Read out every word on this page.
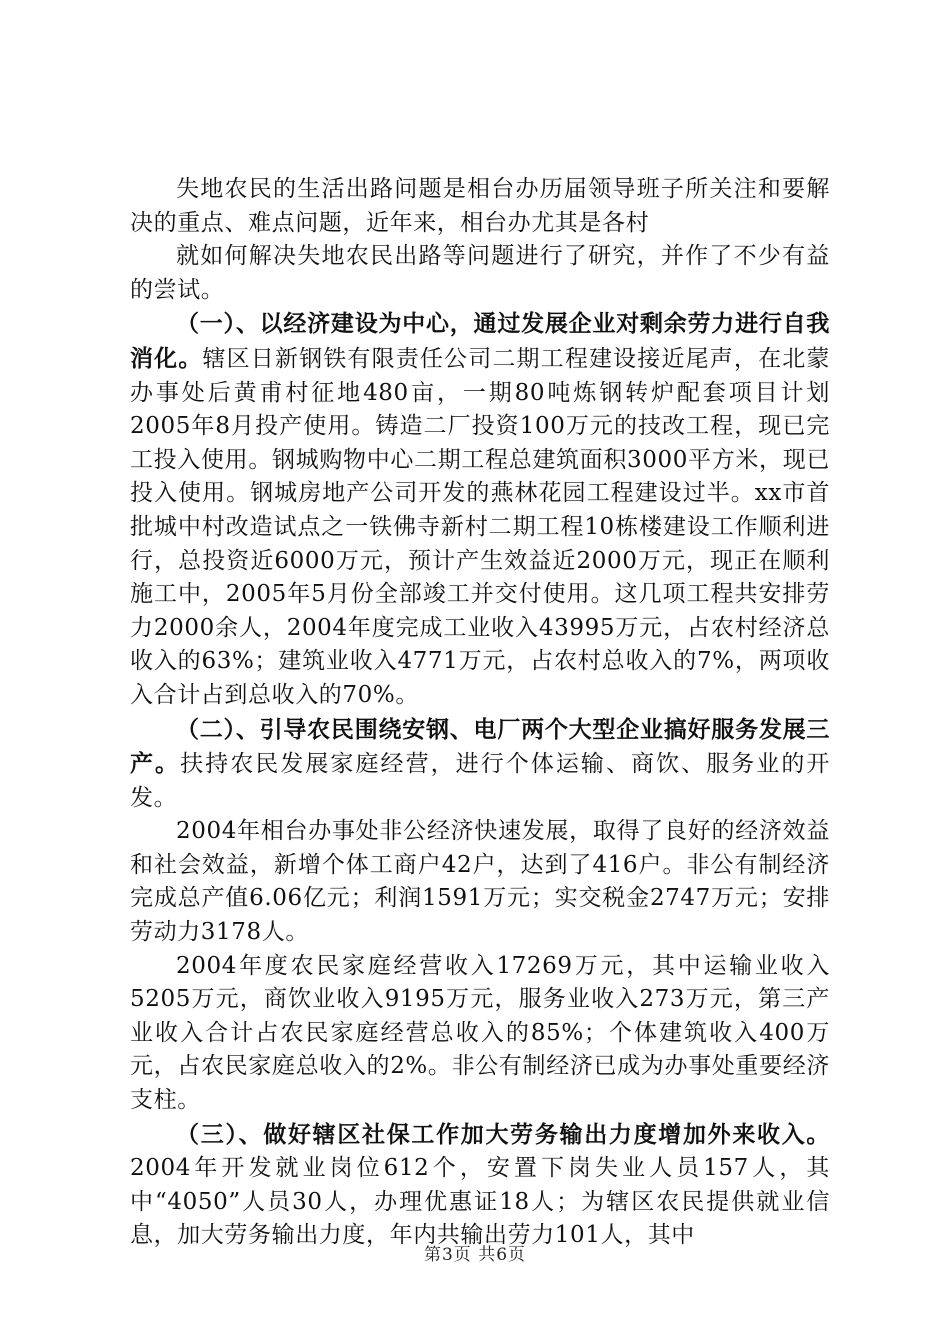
失地农民的生活出路问题是相台办历届领导班子所关注和要解决的重点、难点问题，近年来，相台办尤其是各村

就如何解决失地农民出路等问题进行了研究，并作了不少有益的尝试。

（一）、以经济建设为中心，通过发展企业对剩余劳力进行自我消化。辖区日新钢铁有限责任公司二期工程建设接近尾声，在北蒙办事处后黄甫村征地480亩，一期80吨炼钢转炉配套项目计划2005年8月投产使用。铸造二厂投资100万元的技改工程，现已完工投入使用。钢城购物中心二期工程总建筑面积3000平方米，现已投入使用。钢城房地产公司开发的燕林花园工程建设过半。xx市首批城中村改造试点之一铁佛寺新村二期工程10栋楼建设工作顺利进行，总投资近6000万元，预计产生效益近2000万元，现正在顺利施工中，2005年5月份全部竣工并交付使用。这几项工程共安排劳力2000余人，2004年度完成工业收入43995万元，占农村经济总收入的63%；建筑业收入4771万元，占农村总收入的7%，两项收入合计占到总收入的70%。

（二）、引导农民围绕安钢、电厂两个大型企业搞好服务发展三产。扶持农民发展家庭经营，进行个体运输、商饮、服务业的开发。

2004年相台办事处非公经济快速发展，取得了良好的经济效益和社会效益，新增个体工商户42户，达到了416户。非公有制经济完成总产值6.06亿元；利润1591万元；实交税金2747万元；安排劳动力3178人。

2004年度农民家庭经营收入17269万元，其中运输业收入5205万元，商饮业收入9195万元，服务业收入273万元，第三产业收入合计占农民家庭经营总收入的85%；个体建筑收入400万元，占农民家庭总收入的2%。非公有制经济已成为办事处重要经济支柱。

（三）、做好辖区社保工作加大劳务输出力度增加外来收入。2004年开发就业岗位612个，安置下岗失业人员157人，其中“4050”人员30人，办理优惠证18人；为辖区农民提供就业信息，加大劳务输出力度，年内共输出劳力101人，其中

第3页 共6页
